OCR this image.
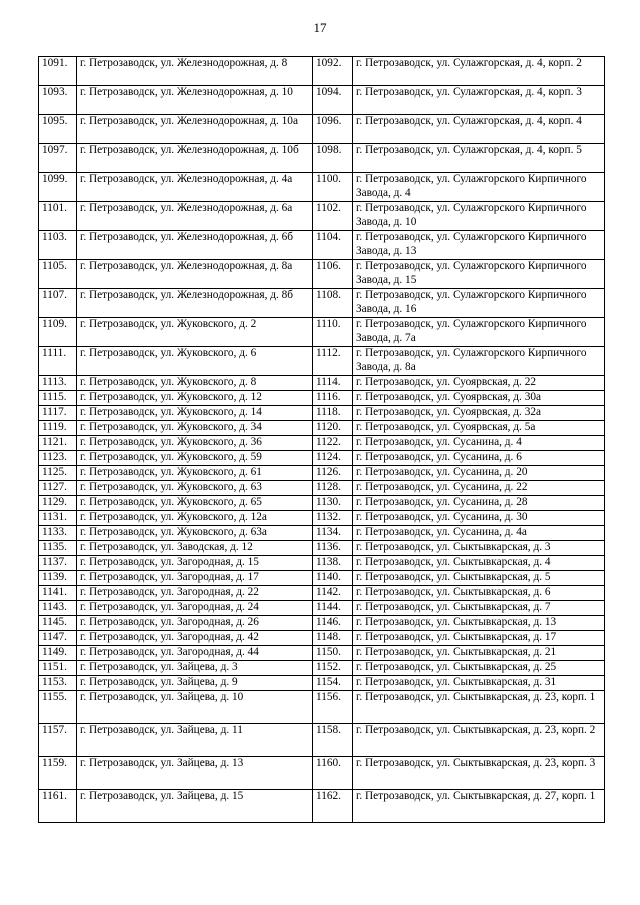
17
1091.	г. Петрозаводск, ул. Железнодорожная, д. 8	1092.	г. Петрозаводск, ул. Сулажгорская, д. 4, корп. 2
1093.	г. Петрозаводск, ул. Железнодорожная, д. 10	1094.	г. Петрозаводск, ул. Сулажгорская, д. 4, корп. 3
1095.	г. Петрозаводск, ул. Железнодорожная, д. 10а	1096.	г. Петрозаводск, ул. Сулажгорская, д. 4, корп. 4
1097.	г. Петрозаводск, ул. Железнодорожная, д. 10б	1098.	г. Петрозаводск, ул. Сулажгорская, д. 4, корп. 5
1099.	г. Петрозаводск, ул. Железнодорожная, д. 4а	1100.	г. Петрозаводск, ул. Сулажгорского Кирпичного Завода, д. 4
1101.	г. Петрозаводск, ул. Железнодорожная, д. 6а	1102.	г. Петрозаводск, ул. Сулажгорского Кирпичного Завода, д. 10
1103.	г. Петрозаводск, ул. Железнодорожная, д. 6б	1104.	г. Петрозаводск, ул. Сулажгорского Кирпичного Завода, д. 13
1105.	г. Петрозаводск, ул. Железнодорожная, д. 8а	1106.	г. Петрозаводск, ул. Сулажгорского Кирпичного Завода, д. 15
1107.	г. Петрозаводск, ул. Железнодорожная, д. 8б	1108.	г. Петрозаводск, ул. Сулажгорского Кирпичного Завода, д. 16
1109.	г. Петрозаводск, ул. Жуковского, д. 2	1110.	г. Петрозаводск, ул. Сулажгорского Кирпичного Завода, д. 7а
1111.	г. Петрозаводск, ул. Жуковского, д. 6	1112.	г. Петрозаводск, ул. Сулажгорского Кирпичного Завода, д. 8а
1113.	г. Петрозаводск, ул. Жуковского, д. 8	1114.	г. Петрозаводск, ул. Суоярвская, д. 22
1115.	г. Петрозаводск, ул. Жуковского, д. 12	1116.	г. Петрозаводск, ул. Суоярвская, д. 30а
1117.	г. Петрозаводск, ул. Жуковского, д. 14	1118.	г. Петрозаводск, ул. Суоярвская, д. 32а
1119.	г. Петрозаводск, ул. Жуковского, д. 34	1120.	г. Петрозаводск, ул. Суоярвская, д. 5а
1121.	г. Петрозаводск, ул. Жуковского, д. 36	1122.	г. Петрозаводск, ул. Сусанина, д. 4
1123.	г. Петрозаводск, ул. Жуковского, д. 59	1124.	г. Петрозаводск, ул. Сусанина, д. 6
1125.	г. Петрозаводск, ул. Жуковского, д. 61	1126.	г. Петрозаводск, ул. Сусанина, д. 20
1127.	г. Петрозаводск, ул. Жуковского, д. 63	1128.	г. Петрозаводск, ул. Сусанина, д. 22
1129.	г. Петрозаводск, ул. Жуковского, д. 65	1130.	г. Петрозаводск, ул. Сусанина, д. 28
1131.	г. Петрозаводск, ул. Жуковского, д. 12а	1132.	г. Петрозаводск, ул. Сусанина, д. 30
1133.	г. Петрозаводск, ул. Жуковского, д. 63а	1134.	г. Петрозаводск, ул. Сусанина, д. 4а
1135.	г. Петрозаводск, ул. Заводская, д. 12	1136.	г. Петрозаводск, ул. Сыктывкарская, д. 3
1137.	г. Петрозаводск, ул. Загородная, д. 15	1138.	г. Петрозаводск, ул. Сыктывкарская, д. 4
1139.	г. Петрозаводск, ул. Загородная, д. 17	1140.	г. Петрозаводск, ул. Сыктывкарская, д. 5
1141.	г. Петрозаводск, ул. Загородная, д. 22	1142.	г. Петрозаводск, ул. Сыктывкарская, д. 6
1143.	г. Петрозаводск, ул. Загородная, д. 24	1144.	г. Петрозаводск, ул. Сыктывкарская, д. 7
1145.	г. Петрозаводск, ул. Загородная, д. 26	1146.	г. Петрозаводск, ул. Сыктывкарская, д. 13
1147.	г. Петрозаводск, ул. Загородная, д. 42	1148.	г. Петрозаводск, ул. Сыктывкарская, д. 17
1149.	г. Петрозаводск, ул. Загородная, д. 44	1150.	г. Петрозаводск, ул. Сыктывкарская, д. 21
1151.	г. Петрозаводск, ул. Зайцева, д. 3	1152.	г. Петрозаводск, ул. Сыктывкарская, д. 25
1153.	г. Петрозаводск, ул. Зайцева, д. 9	1154.	г. Петрозаводск, ул. Сыктывкарская, д. 31
1155.	г. Петрозаводск, ул. Зайцева, д. 10	1156.	г. Петрозаводск, ул. Сыктывкарская, д. 23, корп. 1
1157.	г. Петрозаводск, ул. Зайцева, д. 11	1158.	г. Петрозаводск, ул. Сыктывкарская, д. 23, корп. 2
1159.	г. Петрозаводск, ул. Зайцева, д. 13	1160.	г. Петрозаводск, ул. Сыктывкарская, д. 23, корп. 3
1161.	г. Петрозаводск, ул. Зайцева, д. 15	1162.	г. Петрозаводск, ул. Сыктывкарская, д. 27, корп. 1
